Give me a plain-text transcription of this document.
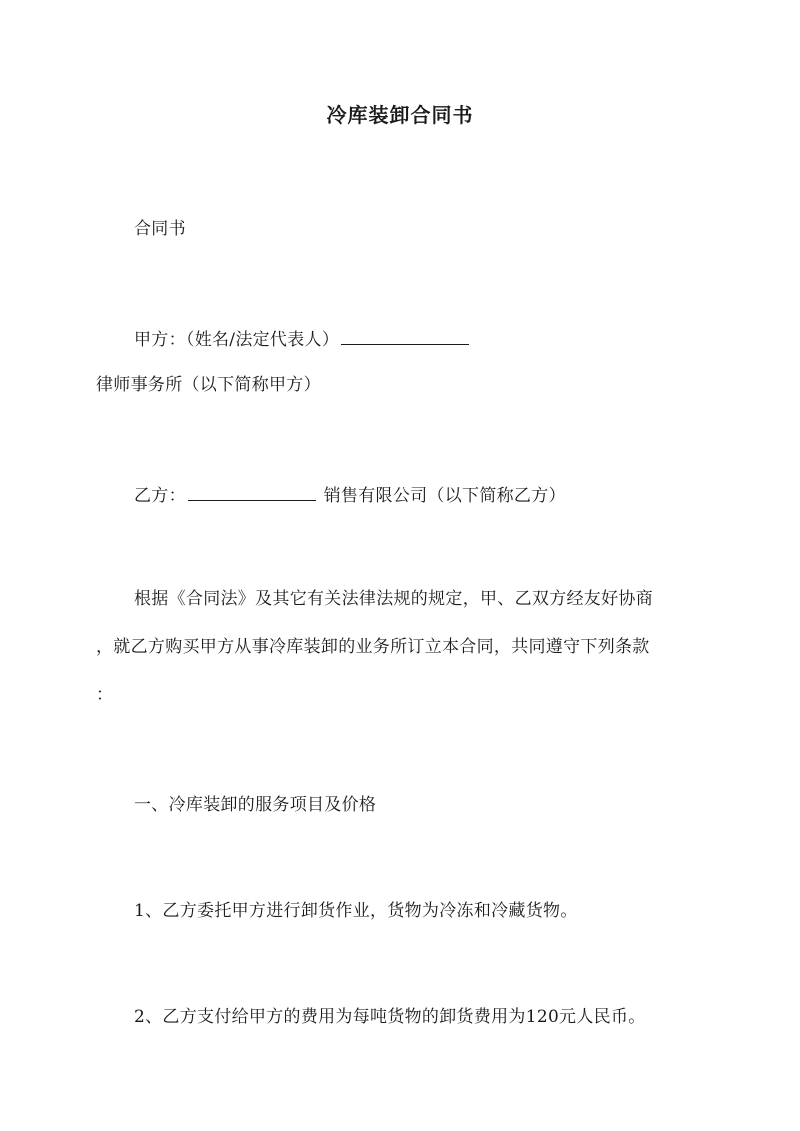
冷库装卸合同书
合同书
甲方：（姓名/法定代表人）
律师事务所（以下简称甲方）
乙方：	销售有限公司（以下简称乙方）
根据《合同法》及其它有关法律法规的规定，甲、乙双方经友好协商
，就乙方购买甲方从事冷库装卸的业务所订立本合同，共同遵守下列条款
：
一、冷库装卸的服务项目及价格
1、乙方委托甲方进行卸货作业，货物为冷冻和冷藏货物。
2、乙方支付给甲方的费用为每吨货物的卸货费用为120元人民币。
